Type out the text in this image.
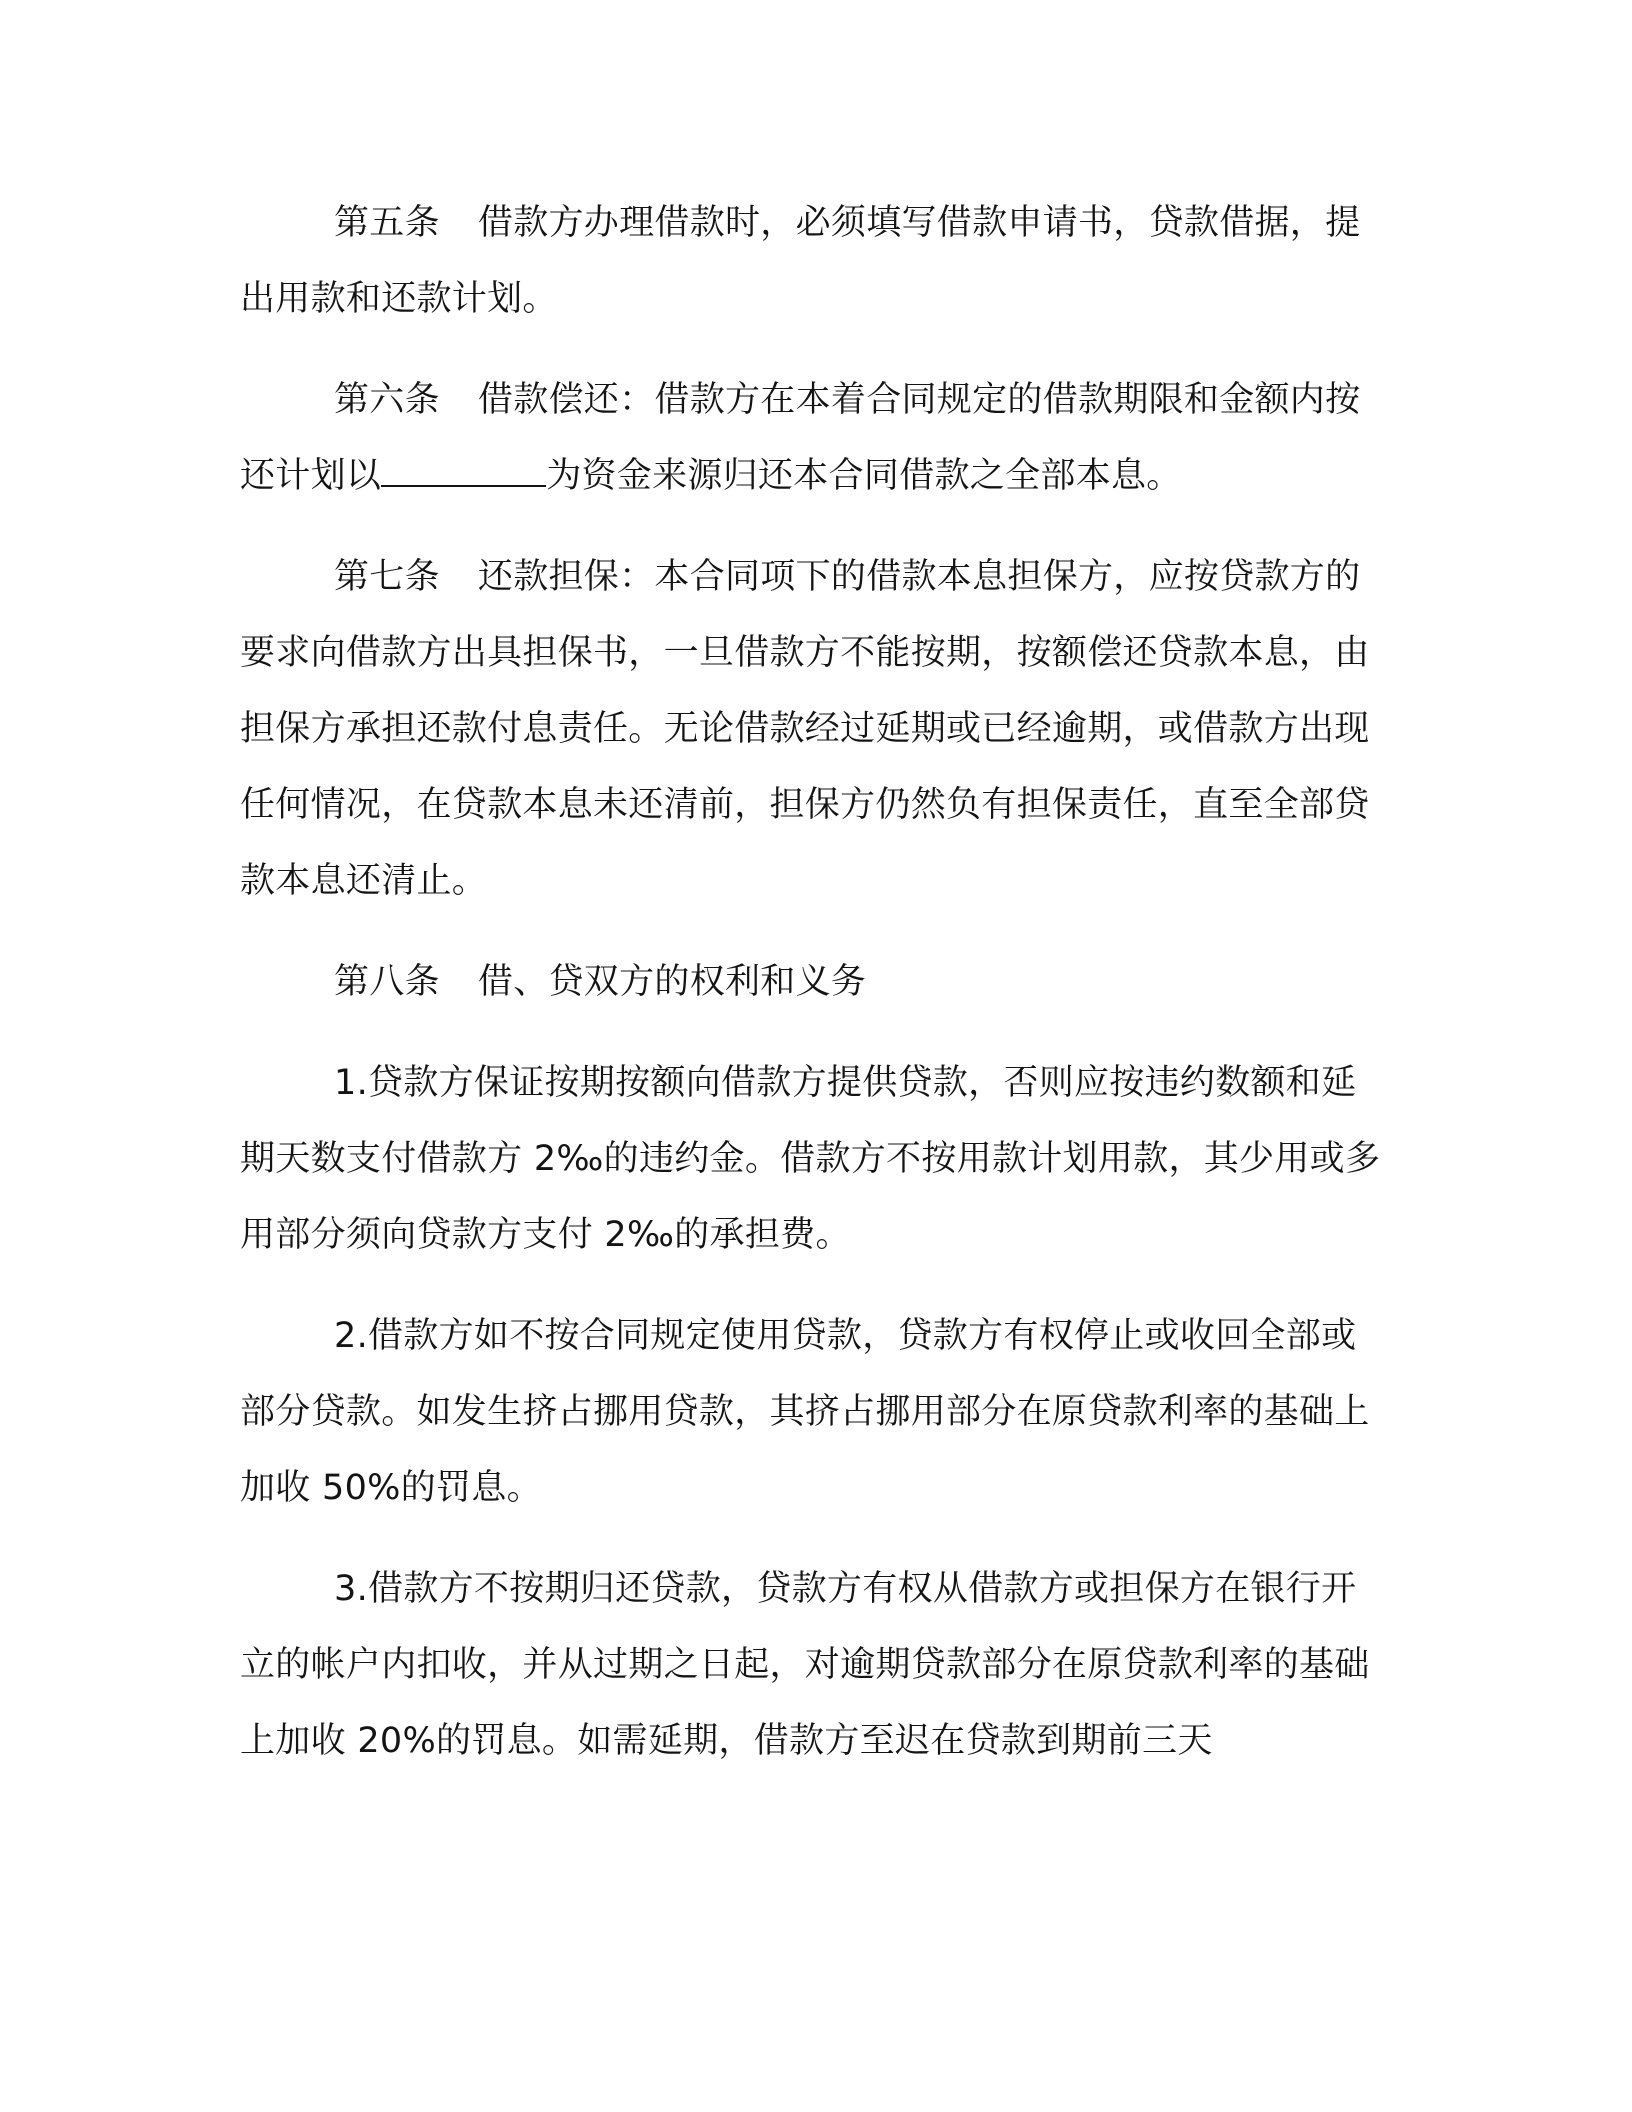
第五条 借款方办理借款时，必须填写借款申请书，贷款借据，提出用款和还款计划。

第六条 借款偿还：借款方在本着合同规定的借款期限和金额内按还计划以	为资金来源归还本合同借款之全部本息。

第七条 还款担保：本合同项下的借款本息担保方，应按贷款方的要求向借款方出具担保书，一旦借款方不能按期，按额偿还贷款本息，由担保方承担还款付息责任。无论借款经过延期或已经逾期，或借款方出现任何情况，在贷款本息未还清前，担保方仍然负有担保责任，直至全部贷款本息还清止。

第八条 借、贷双方的权利和义务

1.贷款方保证按期按额向借款方提供贷款，否则应按违约数额和延期天数支付借款方 2‰的违约金。借款方不按用款计划用款，其少用或多用部分须向贷款方支付 2‰的承担费。

2.借款方如不按合同规定使用贷款，贷款方有权停止或收回全部或部分贷款。如发生挤占挪用贷款，其挤占挪用部分在原贷款利率的基础上加收 50%的罚息。

3.借款方不按期归还贷款，贷款方有权从借款方或担保方在银行开立的帐户内扣收，并从过期之日起，对逾期贷款部分在原贷款利率的基础上加收 20%的罚息。如需延期，借款方至迟在贷款到期前三天
